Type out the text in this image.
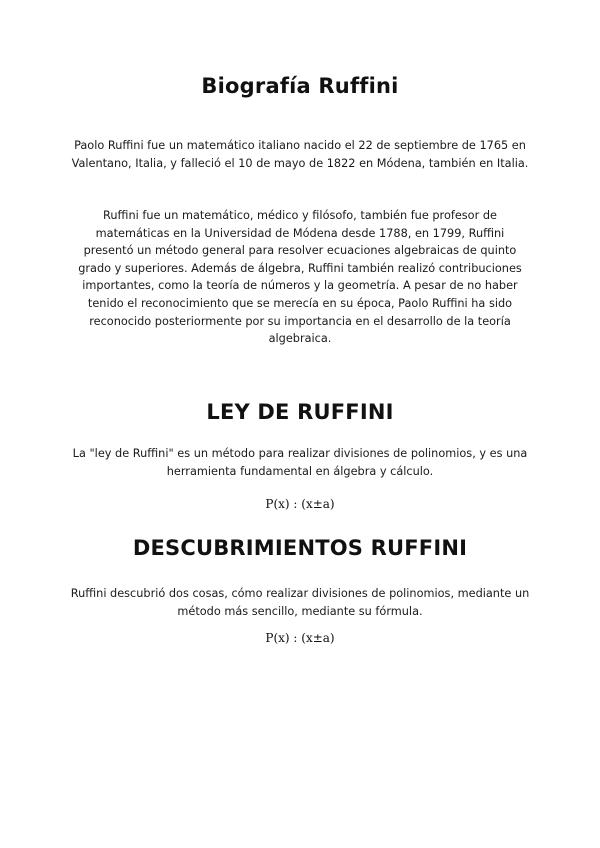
Biografía Ruffini

Paolo Ruffini fue un matemático italiano nacido el 22 de septiembre de 1765 en Valentano, Italia, y falleció el 10 de mayo de 1822 en Módena, también en Italia.

Ruffini fue un matemático, médico y filósofo, también fue profesor de matemáticas en la Universidad de Módena desde 1788, en 1799, Ruffini presentó un método general para resolver ecuaciones algebraicas de quinto grado y superiores. Además de álgebra, Ruffini también realizó contribuciones importantes, como la teoría de números y la geometría. A pesar de no haber tenido el reconocimiento que se merecía en su época, Paolo Ruffini ha sido reconocido posteriormente por su importancia en el desarrollo de la teoría algebraica.

LEY DE RUFFINI

La "ley de Ruffini" es un método para realizar divisiones de polinomios, y es una herramienta fundamental en álgebra y cálculo.

P(x) : (x±a)

DESCUBRIMIENTOS RUFFINI

Ruffini descubrió dos cosas, cómo realizar divisiones de polinomios, mediante un método más sencillo, mediante su fórmula.

P(x) : (x±a)
